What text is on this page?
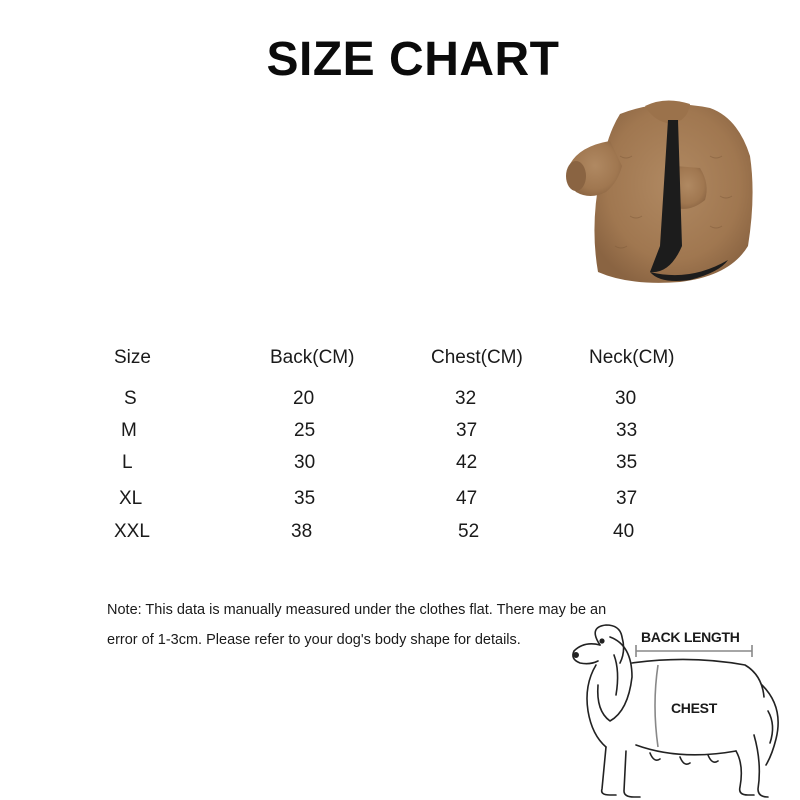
SIZE CHART
Size	Back(CM)	Chest(CM)	Neck(CM)
S	20	32	30
M	25	37	33
L	30	42	35
XL	35	47	37
XXL	38	52	40
Note: This data is manually measured under the clothes flat. There may be an
error of 1-3cm. Please refer to your dog's body shape for details.	BACK LENGTH
CHEST
